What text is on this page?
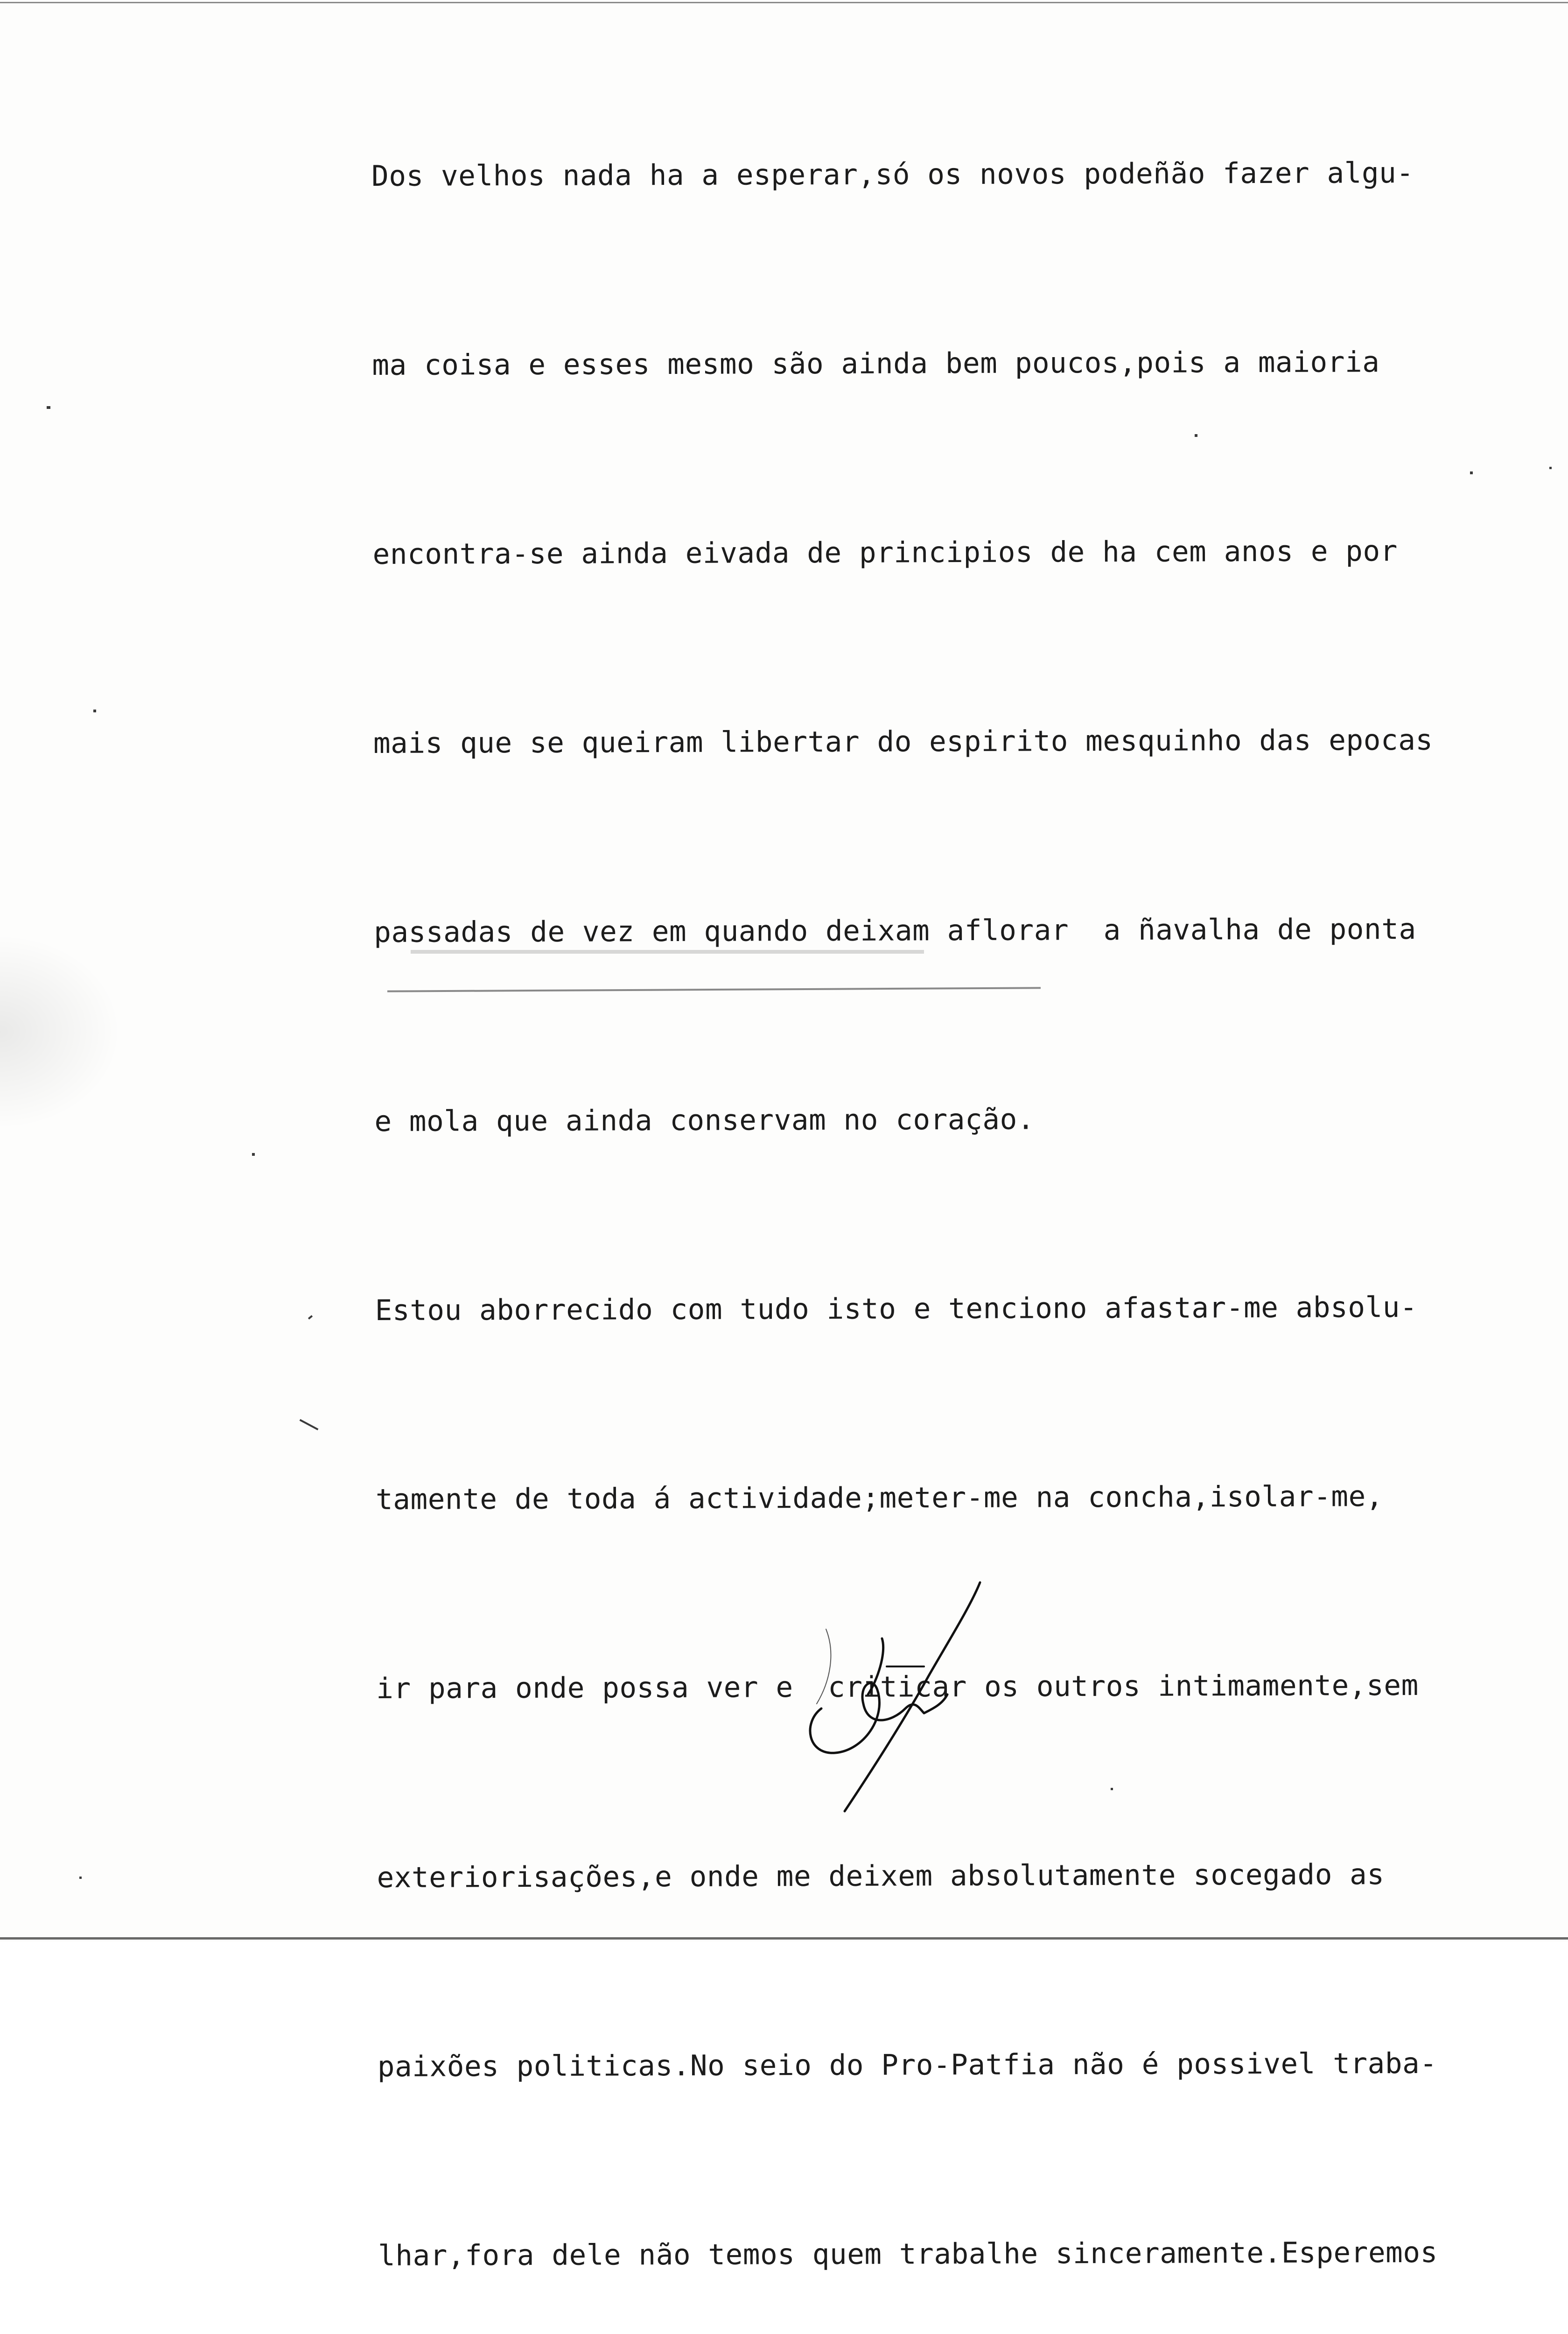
Dos velhos nada ha a esperar,só os novos podeñão fazer algu-

ma coisa e esses mesmo são ainda bem poucos,pois a maioria

encontra-se ainda eivada de principios de ha cem anos e por

mais que se queiram libertar do espirito mesquinho das epocas

passadas de vez em quando deixam aflorar  a ñavalha de ponta

e mola que ainda conservam no coração.

Estou aborrecido com tudo isto e tenсiono afastar-me absolu-

tamente de toda á actividade;meter-me na concha,isolar-me,

ir para onde possa ver e  criticar os outros intimamente,sem

exteriorisações,e onde me deixem absolutamente socegado as

paixões politicas.No seio do Pro-Patfia não é possivel traba-

lhar,fora dele não temos quem trabalhe sinceramente.Esperemos
